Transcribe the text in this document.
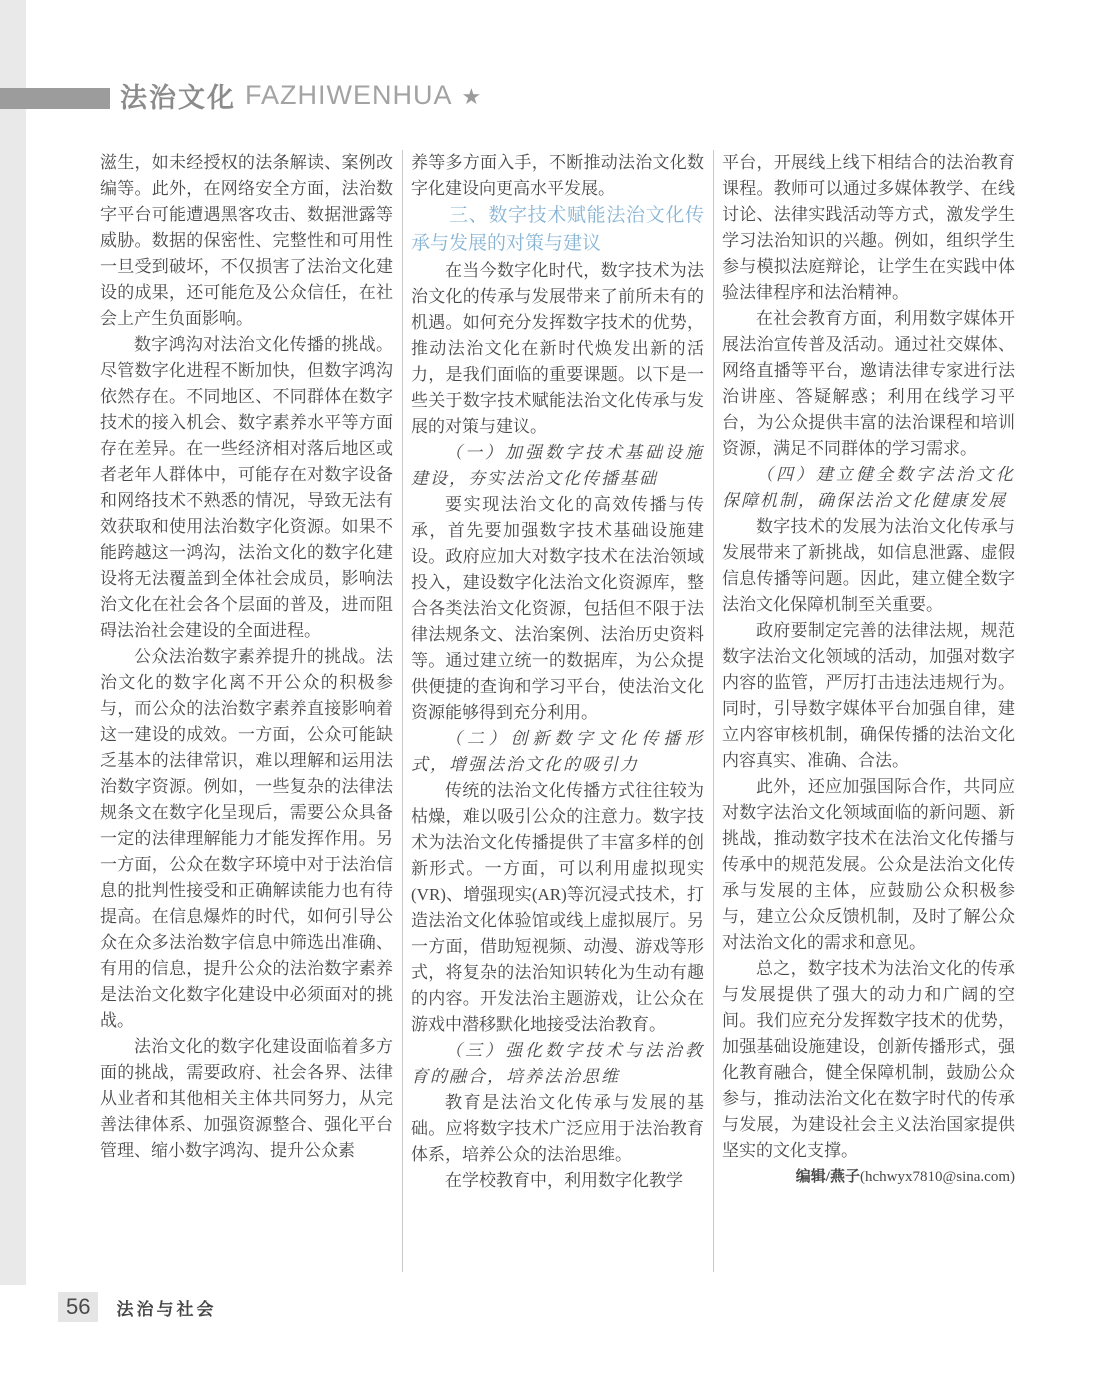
法治文化 FAZHIWENHUA ★

滋生，如未经授权的法条解读、案例改编等。此外，在网络安全方面，法治数字平台可能遭遇黑客攻击、数据泄露等威胁。数据的保密性、完整性和可用性一旦受到破坏，不仅损害了法治文化建设的成果，还可能危及公众信任，在社会上产生负面影响。

数字鸿沟对法治文化传播的挑战。尽管数字化进程不断加快，但数字鸿沟依然存在。不同地区、不同群体在数字技术的接入机会、数字素养水平等方面存在差异。在一些经济相对落后地区或者老年人群体中，可能存在对数字设备和网络技术不熟悉的情况，导致无法有效获取和使用法治数字化资源。如果不能跨越这一鸿沟，法治文化的数字化建设将无法覆盖到全体社会成员，影响法治文化在社会各个层面的普及，进而阻碍法治社会建设的全面进程。

公众法治数字素养提升的挑战。法治文化的数字化离不开公众的积极参与，而公众的法治数字素养直接影响着这一建设的成效。一方面，公众可能缺乏基本的法律常识，难以理解和运用法治数字资源。例如，一些复杂的法律法规条文在数字化呈现后，需要公众具备一定的法律理解能力才能发挥作用。另一方面，公众在数字环境中对于法治信息的批判性接受和正确解读能力也有待提高。在信息爆炸的时代，如何引导公众在众多法治数字信息中筛选出准确、有用的信息，提升公众的法治数字素养是法治文化数字化建设中必须面对的挑战。

法治文化的数字化建设面临着多方面的挑战，需要政府、社会各界、法律从业者和其他相关主体共同努力，从完善法律体系、加强资源整合、强化平台管理、缩小数字鸿沟、提升公众素

养等多方面入手，不断推动法治文化数字化建设向更高水平发展。

三、数字技术赋能法治文化传承与发展的对策与建议

在当今数字化时代，数字技术为法治文化的传承与发展带来了前所未有的机遇。如何充分发挥数字技术的优势，推动法治文化在新时代焕发出新的活力，是我们面临的重要课题。以下是一些关于数字技术赋能法治文化传承与发展的对策与建议。

（一）加强数字技术基础设施建设，夯实法治文化传播基础

要实现法治文化的高效传播与传承，首先要加强数字技术基础设施建设。政府应加大对数字技术在法治领域投入，建设数字化法治文化资源库，整合各类法治文化资源，包括但不限于法律法规条文、法治案例、法治历史资料等。通过建立统一的数据库，为公众提供便捷的查询和学习平台，使法治文化资源能够得到充分利用。

（二）创新数字文化传播形式，增强法治文化的吸引力

传统的法治文化传播方式往往较为枯燥，难以吸引公众的注意力。数字技术为法治文化传播提供了丰富多样的创新形式。一方面，可以利用虚拟现实(VR)、增强现实(AR)等沉浸式技术，打造法治文化体验馆或线上虚拟展厅。另一方面，借助短视频、动漫、游戏等形式，将复杂的法治知识转化为生动有趣的内容。开发法治主题游戏，让公众在游戏中潜移默化地接受法治教育。

（三）强化数字技术与法治教育的融合，培养法治思维

教育是法治文化传承与发展的基础。应将数字技术广泛应用于法治教育体系，培养公众的法治思维。

在学校教育中，利用数字化教学

平台，开展线上线下相结合的法治教育课程。教师可以通过多媒体教学、在线讨论、法律实践活动等方式，激发学生学习法治知识的兴趣。例如，组织学生参与模拟法庭辩论，让学生在实践中体验法律程序和法治精神。

在社会教育方面，利用数字媒体开展法治宣传普及活动。通过社交媒体、网络直播等平台，邀请法律专家进行法治讲座、答疑解惑；利用在线学习平台，为公众提供丰富的法治课程和培训资源，满足不同群体的学习需求。

（四）建立健全数字法治文化保障机制，确保法治文化健康发展

数字技术的发展为法治文化传承与发展带来了新挑战，如信息泄露、虚假信息传播等问题。因此，建立健全数字法治文化保障机制至关重要。

政府要制定完善的法律法规，规范数字法治文化领域的活动，加强对数字内容的监管，严厉打击违法违规行为。同时，引导数字媒体平台加强自律，建立内容审核机制，确保传播的法治文化内容真实、准确、合法。

此外，还应加强国际合作，共同应对数字法治文化领域面临的新问题、新挑战，推动数字技术在法治文化传播与传承中的规范发展。公众是法治文化传承与发展的主体，应鼓励公众积极参与，建立公众反馈机制，及时了解公众对法治文化的需求和意见。

总之，数字技术为法治文化的传承与发展提供了强大的动力和广阔的空间。我们应充分发挥数字技术的优势，加强基础设施建设，创新传播形式，强化教育融合，健全保障机制，鼓励公众参与，推动法治文化在数字时代的传承与发展，为建设社会主义法治国家提供坚实的文化支撑。

编辑/燕子(hchwyx7810@sina.com)

56	法治与社会
